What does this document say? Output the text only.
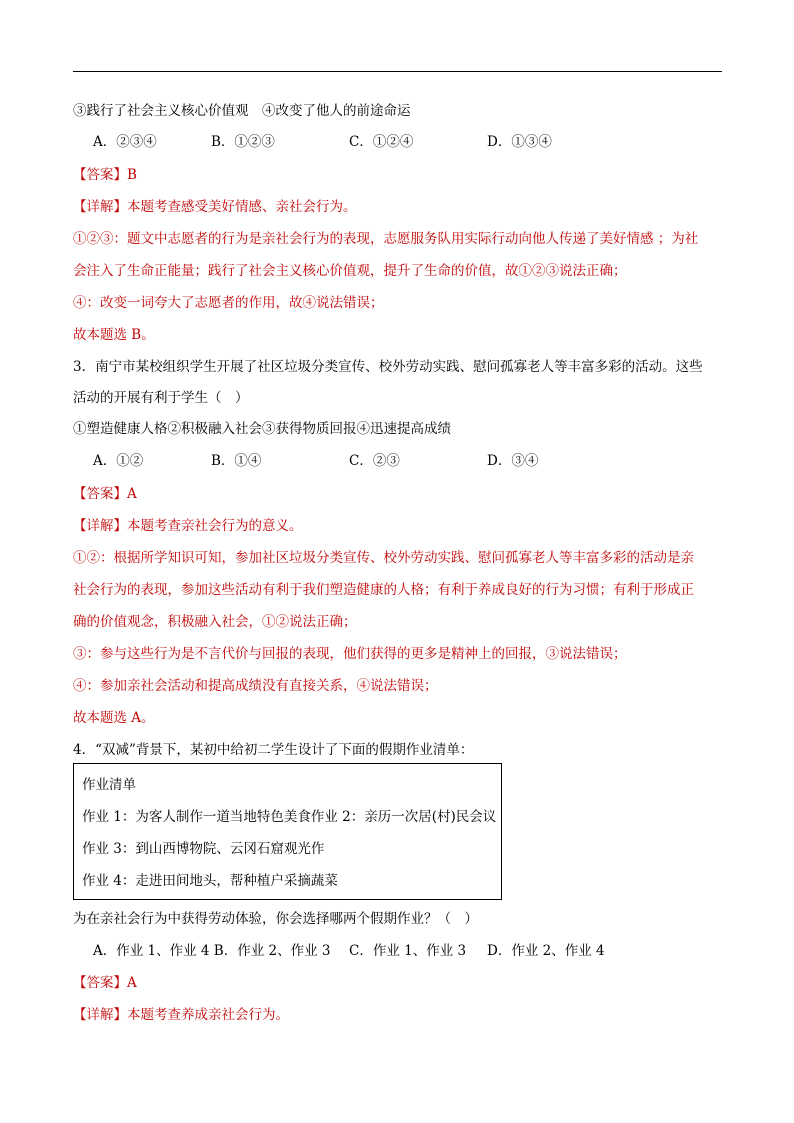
③践行了社会主义核心价值观　④改变了他人的前途命运
A．②③④	B．①②③	C．①②④	D．①③④
【答案】B
【详解】本题考查感受美好情感、亲社会行为。
①②③：题文中志愿者的行为是亲社会行为的表现，志愿服务队用实际行动向他人传递了美好情感 ；为社
会注入了生命正能量；践行了社会主义核心价值观，提升了生命的价值，故①②③说法正确；
④：改变一词夸大了志愿者的作用，故④说法错误；
故本题选 B。
3．南宁市某校组织学生开展了社区垃圾分类宣传、校外劳动实践、慰问孤寡老人等丰富多彩的活动。这些
活动的开展有利于学生（　）
①塑造健康人格②积极融入社会③获得物质回报④迅速提高成绩
A．①②	B．①④	C．②③	D．③④
【答案】A
【详解】本题考查亲社会行为的意义。
①②：根据所学知识可知，参加社区垃圾分类宣传、校外劳动实践、慰问孤寡老人等丰富多彩的活动是亲
社会行为的表现，参加这些活动有利于我们塑造健康的人格；有利于养成良好的行为习惯；有利于形成正
确的价值观念，积极融入社会，①②说法正确；
③：参与这些行为是不言代价与回报的表现，他们获得的更多是精神上的回报，③说法错误；
④：参加亲社会活动和提高成绩没有直接关系，④说法错误；
故本题选 A。
4．“双减”背景下，某初中给初二学生设计了下面的假期作业清单：
作业清单
作业 1：为客人制作一道当地特色美食作业 2：亲历一次居(村)民会议
作业 3：到山西博物院、云冈石窟观光作
作业 4：走进田间地头，帮种植户采摘蔬菜
为在亲社会行为中获得劳动体验，你会选择哪两个假期作业？（　）
A．作业 1、作业 4 B．作业 2、作业 3 C．作业 1、作业 3 D．作业 2、作业 4
【答案】A
【详解】本题考查养成亲社会行为。
